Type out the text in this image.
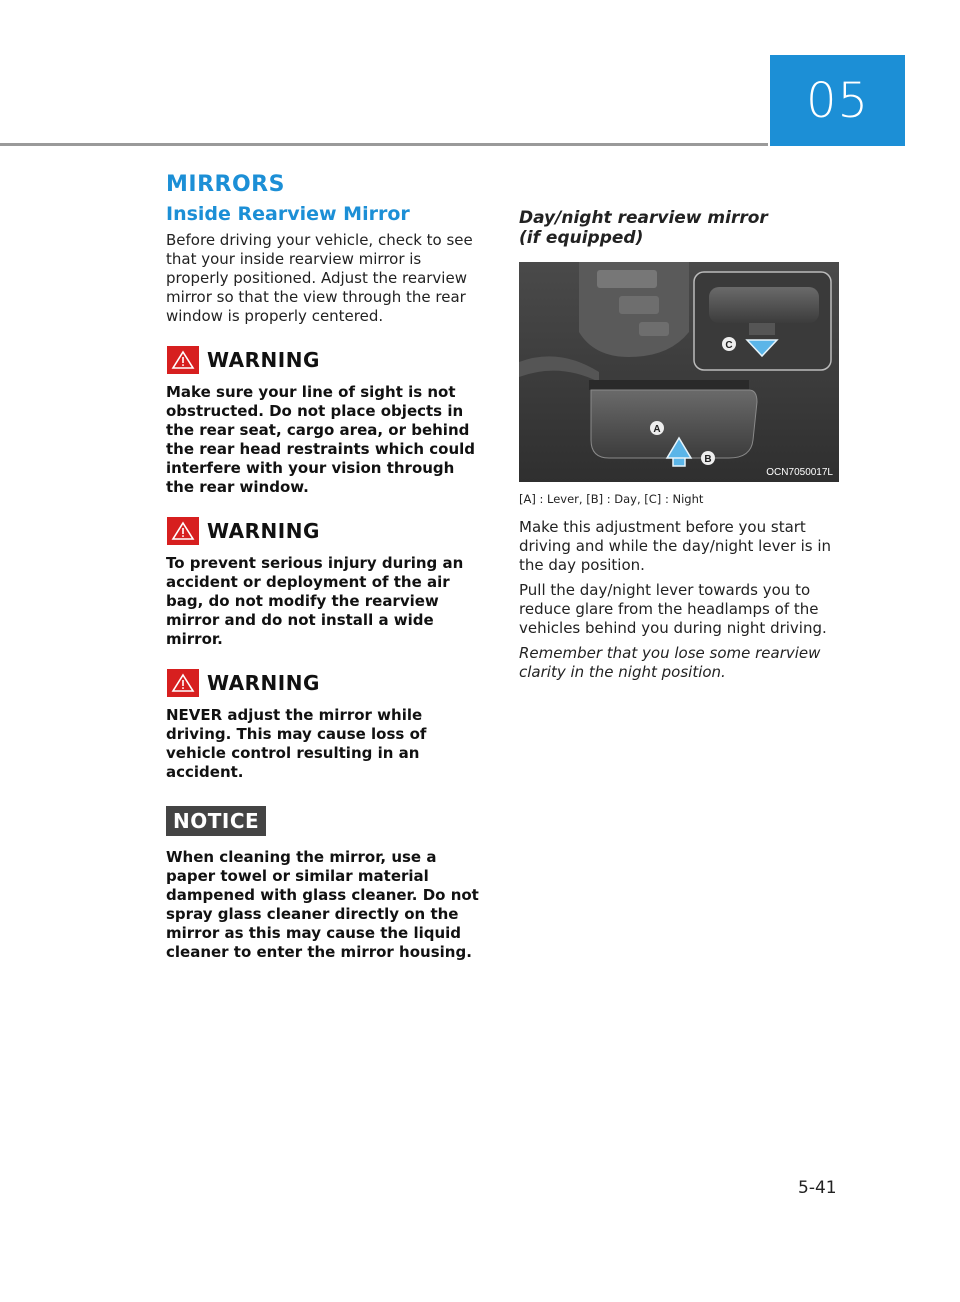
05
MIRRORS
Inside Rearview Mirror

Before driving your vehicle, check to see that your inside rearview mirror is properly positioned. Adjust the rearview mirror so that the view through the rear window is properly centered.

WARNING

Make sure your line of sight is not obstructed. Do not place objects in the rear seat, cargo area, or behind the rear head restraints which could interfere with your vision through the rear window.

WARNING

To prevent serious injury during an accident or deployment of the air bag, do not modify the rearview mirror and do not install a wide mirror.

WARNING

NEVER adjust the mirror while driving. This may cause loss of vehicle control resulting in an accident.

NOTICE

When cleaning the mirror, use a paper towel or similar material dampened with glass cleaner. Do not spray glass cleaner directly on the mirror as this may cause the liquid cleaner to enter the mirror housing.

Day/night rearview mirror
(if equipped)

C
A
B
OCN7050017L

[A] : Lever, [B] : Day, [C] : Night

Make this adjustment before you start driving and while the day/night lever is in the day position.

Pull the day/night lever towards you to reduce glare from the headlamps of the vehicles behind you during night driving.

Remember that you lose some rearview clarity in the night position.

5-41
